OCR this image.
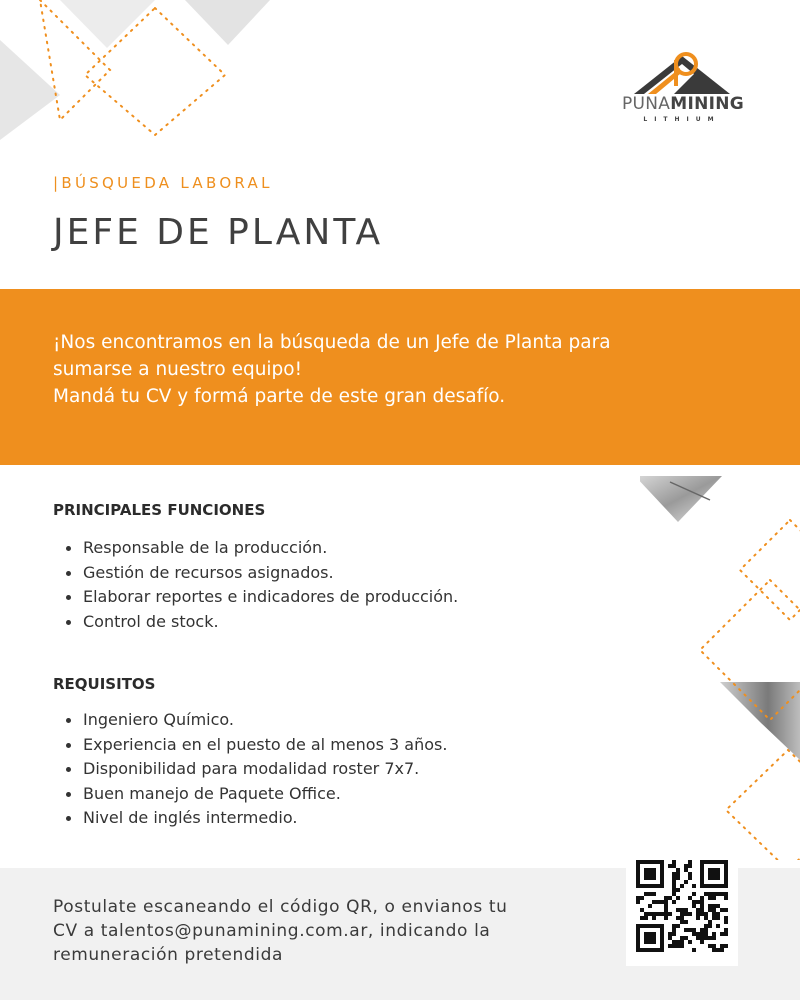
PUNAMINING
LITHIUM
|BÚSQUEDA LABORAL
JEFE DE PLANTA

¡Nos encontramos en la búsqueda de un Jefe de Planta para
sumarse a nuestro equipo!
Mandá tu CV y formá parte de este gran desafío.

PRINCIPALES FUNCIONES
Responsable de la producción.
Gestión de recursos asignados.
Elaborar reportes e indicadores de producción.
Control de stock.
REQUISITOS
Ingeniero Químico.
Experiencia en el puesto de al menos 3 años.
Disponibilidad para modalidad roster 7x7.
Buen manejo de Paquete Office.
Nivel de inglés intermedio.

Postulate escaneando el código QR, o envianos tu
CV a talentos@punamining.com.ar, indicando la
remuneración pretendida
